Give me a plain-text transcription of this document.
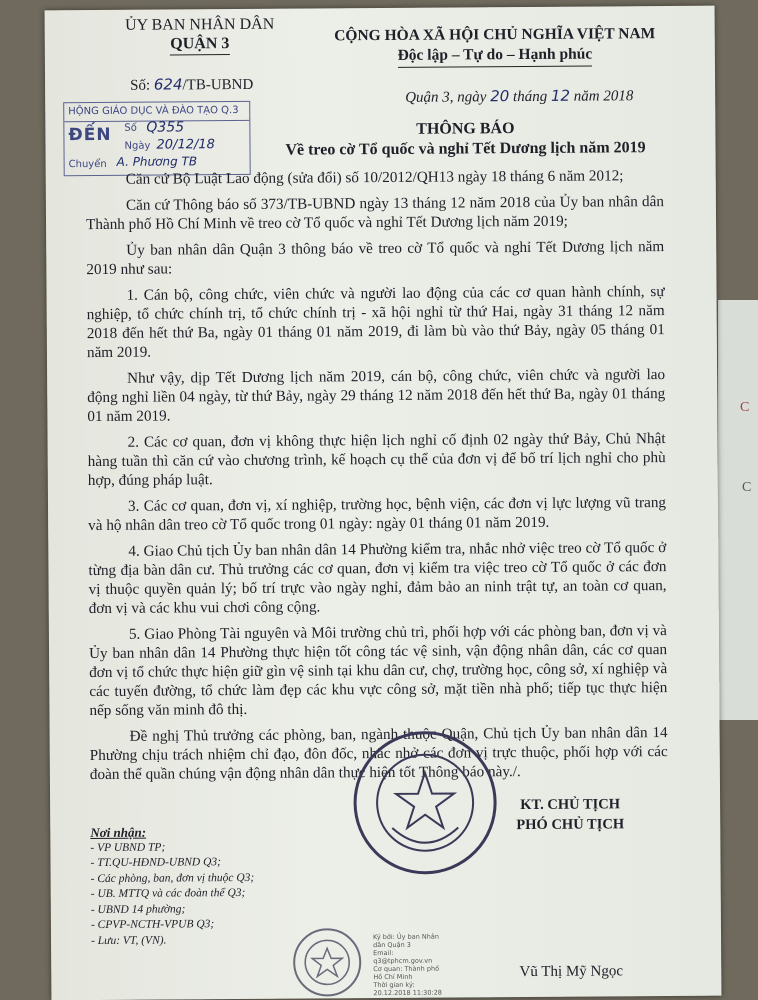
C
C
ỦY BAN NHÂN DÂN
QUẬN 3	CỘNG HÒA XÃ HỘI CHỦ NGHĨA VIỆT NAM
Độc lập – Tự do – Hạnh phúc
Số: 624/TB-UBND
Quận 3, ngày 20 tháng 12 năm 2018
HỘNG GIÁO DỤC VÀ ĐÀO TẠO Q.3
ĐẾN Số Q355
Ngày 20/12/18
Chuyển A. Phương TB
THÔNG BÁO
Về treo cờ Tổ quốc và nghỉ Tết Dương lịch năm 2019

Căn cứ Bộ Luật Lao động (sửa đổi) số 10/2012/QH13 ngày 18 tháng 6 năm 2012;

Căn cứ Thông báo số 373/TB-UBND ngày 13 tháng 12 năm 2018 của Ủy ban nhân dân Thành phố Hồ Chí Minh về treo cờ Tổ quốc và nghỉ Tết Dương lịch năm 2019;

Ủy ban nhân dân Quận 3 thông báo về treo cờ Tổ quốc và nghỉ Tết Dương lịch năm 2019 như sau:

1. Cán bộ, công chức, viên chức và người lao động của các cơ quan hành chính, sự nghiệp, tổ chức chính trị, tổ chức chính trị - xã hội nghỉ từ thứ Hai, ngày 31 tháng 12 năm 2018 đến hết thứ Ba, ngày 01 tháng 01 năm 2019, đi làm bù vào thứ Bảy, ngày 05 tháng 01 năm 2019.

Như vậy, dịp Tết Dương lịch năm 2019, cán bộ, công chức, viên chức và người lao động nghỉ liền 04 ngày, từ thứ Bảy, ngày 29 tháng 12 năm 2018 đến hết thứ Ba, ngày 01 tháng 01 năm 2019.

2. Các cơ quan, đơn vị không thực hiện lịch nghỉ cố định 02 ngày thứ Bảy, Chủ Nhật hàng tuần thì căn cứ vào chương trình, kế hoạch cụ thể của đơn vị để bố trí lịch nghỉ cho phù hợp, đúng pháp luật.

3. Các cơ quan, đơn vị, xí nghiệp, trường học, bệnh viện, các đơn vị lực lượng vũ trang và hộ nhân dân treo cờ Tổ quốc trong 01 ngày: ngày 01 tháng 01 năm 2019.

4. Giao Chủ tịch Ủy ban nhân dân 14 Phường kiểm tra, nhắc nhở việc treo cờ Tổ quốc ở từng địa bàn dân cư. Thủ trưởng các cơ quan, đơn vị kiểm tra việc treo cờ Tổ quốc ở các đơn vị thuộc quyền quản lý; bố trí trực vào ngày nghỉ, đảm bảo an ninh trật tự, an toàn cơ quan, đơn vị và các khu vui chơi công cộng.

5. Giao Phòng Tài nguyên và Môi trường chủ trì, phối hợp với các phòng ban, đơn vị và Ủy ban nhân dân 14 Phường thực hiện tốt công tác vệ sinh, vận động nhân dân, các cơ quan đơn vị tổ chức thực hiện giữ gìn vệ sinh tại khu dân cư, chợ, trường học, công sở, xí nghiệp và các tuyến đường, tổ chức làm đẹp các khu vực công sở, mặt tiền nhà phố; tiếp tục thực hiện nếp sống văn minh đô thị.

Đề nghị Thủ trưởng các phòng, ban, ngành thuộc Quận, Chủ tịch Ủy ban nhân dân 14 Phường chịu trách nhiệm chỉ đạo, đôn đốc, nhắc nhở các đơn vị trực thuộc, phối hợp với các đoàn thể quần chúng vận động nhân dân thực hiện tốt Thông báo này./.

KT. CHỦ TỊCH
PHÓ CHỦ TỊCH
Vũ Thị Mỹ Ngọc
Nơi nhận:
- VP UBND TP;
- TT.QU-HĐND-UBND Q3;
- Các phòng, ban, đơn vị thuộc Q3;
- UB. MTTQ và các đoàn thể Q3;
- UBND 14 phường;
- CPVP-NCTH-VPUB Q3;
- Lưu: VT, (VN).	Ký bởi: Ủy ban Nhân
dân Quận 3
Email:
q3@tphcm.gov.vn
Cơ quan: Thành phố
Hồ Chí Minh
Thời gian ký:
20.12.2018 11:30:28
